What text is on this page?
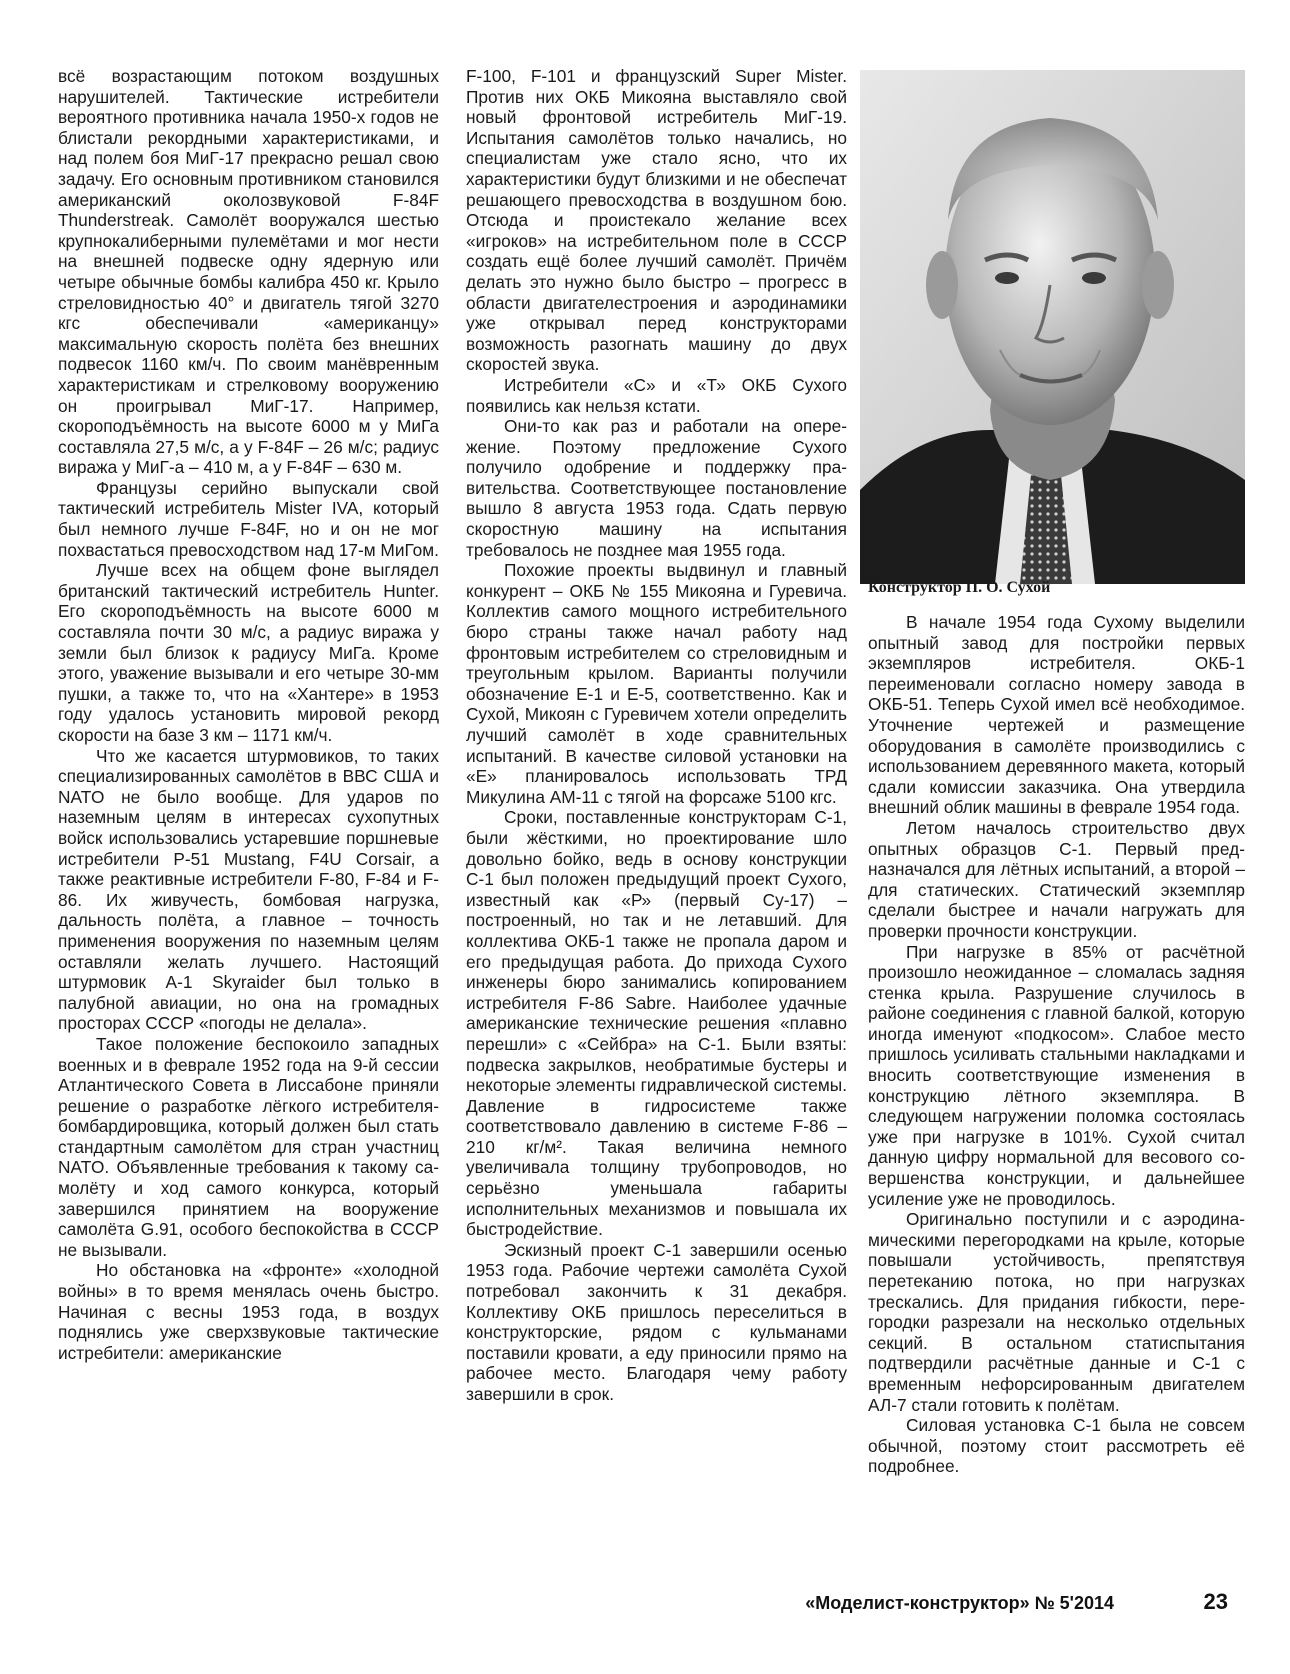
всё возрастающим потоком воздушных нарушителей. Тактические истребители вероятного противника начала 1950-х годов не блистали рекордными характеристиками, и над полем боя МиГ-17 прекрасно решал свою задачу. Его основным противником становился американский околозвуковой F-84F Thunderstreak. Самолёт вооружался шестью крупнокалиберными пулемётами и мог нести на внешней подвеске одну ядерную или четыре обычные бомбы калибра 450 кг. Крыло стреловидностью 40° и двигатель тягой 3270 кгс обеспечивали «американцу» максимальную скорость полёта без внешних подвесок 1160 км/ч. По своим манёвренным характеристикам и стрелковому вооружению он проигрывал МиГ-17. Например, скороподъёмность на высоте 6000 м у МиГа составляла 27,5 м/с, а у F-84F – 26 м/с; радиус виража у МиГ-а – 410 м, а у F-84F – 630 м.

Французы серийно выпускали свой тактический истребитель Mister IVA, который был немного лучше F-84F, но и он не мог похвастаться превосходством над 17-м МиГом.

Лучше всех на общем фоне выглядел британский тактический истребитель Hunter. Его скороподъёмность на высоте 6000 м составляла почти 30 м/с, а радиус виража у земли был близок к радиусу МиГа. Кроме этого, уважение вызывали и его четыре 30-мм пушки, а также то, что на «Хантере» в 1953 году удалось установить мировой рекорд скорости на базе 3 км – 1171 км/ч.

Что же касается штурмовиков, то таких специализированных самолётов в ВВС США и NATO не было вообще. Для ударов по наземным целям в интересах сухопутных войск использовались устаревшие поршневые истребители P-51 Mustang, F4U Corsair, а также реактивные истребители F-80, F-84 и F-86. Их живучесть, бомбовая нагрузка, дальность полёта, а главное – точность применения вооружения по наземным целям оставляли желать лучшего. Настоящий штурмовик A-1 Skyraider был только в палубной авиации, но она на громадных просторах СССР «погоды не делала».

Такое положение беспокоило западных военных и в феврале 1952 года на 9-й сессии Атлантического Совета в Лиссабоне приняли решение о разработке лёгкого истребителя-бомбардировщика, который должен был стать стандартным самолётом для стран участниц NATO. Объявленные требования к такому самолёту и ход самого конкурса, который завершился принятием на вооружение самолёта G.91, особого беспокойства в СССР не вызывали.

Но обстановка на «фронте» «холодной войны» в то время менялась очень быстро. Начиная с весны 1953 года, в воздух поднялись уже сверхзвуковые тактические истребители: американские

F-100, F-101 и французский Super Mister. Против них ОКБ Микояна выставляло свой новый фронтовой истребитель МиГ-19. Испытания самолётов только начались, но специалистам уже стало ясно, что их характеристики будут близкими и не обеспечат решающего превосходства в воздушном бою. Отсюда и проистекало желание всех «игроков» на истребительном поле в СССР создать ещё более лучший самолёт. Причём делать это нужно было быстро – прогресс в области двигателестроения и аэродинамики уже открывал перед конструкторами возможность разогнать машину до двух скоростей звука.

Истребители «С» и «Т» ОКБ Сухого появились как нельзя кстати.

Они-то как раз и работали на опережение. Поэтому предложение Сухого получило одобрение и поддержку правительства. Соответствующее постановление вышло 8 августа 1953 года. Сдать первую скоростную машину на испытания требовалось не позднее мая 1955 года.

Похожие проекты выдвинул и главный конкурент – ОКБ № 155 Микояна и Гуревича. Коллектив самого мощного истребительного бюро страны также начал работу над фронтовым истребителем со стреловидным и треугольным крылом. Варианты получили обозначение Е-1 и Е-5, соответственно. Как и Сухой, Микоян с Гуревичем хотели определить лучший самолёт в ходе сравнительных испытаний. В качестве силовой установки на «Е» планировалось использовать ТРД Микулина АМ-11 с тягой на форсаже 5100 кгс.

Сроки, поставленные конструкторам С-1, были жёсткими, но проектирование шло довольно бойко, ведь в основу конструкции С-1 был положен предыдущий проект Сухого, известный как «Р» (первый Су-17) – построенный, но так и не летавший. Для коллектива ОКБ-1 также не пропала даром и его предыдущая работа. До прихода Сухого инженеры бюро занимались копированием истребителя F-86 Sabre. Наиболее удачные американские технические решения «плавно перешли» с «Сейбра» на С-1. Были взяты: подвеска закрылков, необратимые бустеры и некоторые элементы гидравлической системы. Давление в гидросистеме также соответствовало давлению в системе F-86 – 210 кг/м². Такая величина немного увеличивала толщину трубопроводов, но серьёзно уменьшала габариты исполнительных механизмов и повышала их быстродействие.

Эскизный проект С-1 завершили осенью 1953 года. Рабочие чертежи самолёта Сухой потребовал закончить к 31 декабря. Коллективу ОКБ пришлось переселиться в конструкторские, рядом с кульманами поставили кровати, а еду приносили прямо на рабочее место. Благодаря чему работу завершили в срок.

Конструктор П. О. Сухой

В начале 1954 года Сухому выделили опытный завод для постройки первых экземпляров истребителя. ОКБ-1 переименовали согласно номеру завода в ОКБ-51. Теперь Сухой имел всё необходимое. Уточнение чертежей и размещение оборудования в самолёте производились с использованием деревянного макета, который сдали комиссии заказчика. Она утвердила внешний облик машины в феврале 1954 года.

Летом началось строительство двух опытных образцов С-1. Первый предназначался для лётных испытаний, а второй – для статических. Статический экземпляр сделали быстрее и начали нагружать для проверки прочности конструкции.

При нагрузке в 85% от расчётной произошло неожиданное – сломалась задняя стенка крыла. Разрушение случилось в районе соединения с главной балкой, которую иногда именуют «подкосом». Слабое место пришлось усиливать стальными накладками и вносить соответствующие изменения в конструкцию лётного экземпляра. В следующем нагружении поломка состоялась уже при нагрузке в 101%. Сухой считал данную цифру нормальной для весового совершенства конструкции, и дальнейшее усиление уже не проводилось.

Оригинально поступили и с аэродинамическими перегородками на крыле, которые повышали устойчивость, препятствуя перетеканию потока, но при нагрузках трескались. Для придания гибкости, перегородки разрезали на несколько отдельных секций. В остальном статиспытания подтвердили расчётные данные и С-1 с временным нефорсированным двигателем АЛ-7 стали готовить к полётам.

Силовая установка С-1 была не совсем обычной, поэтому стоит рассмотреть её подробнее.

«Моделист-конструктор» № 5'2014	23
